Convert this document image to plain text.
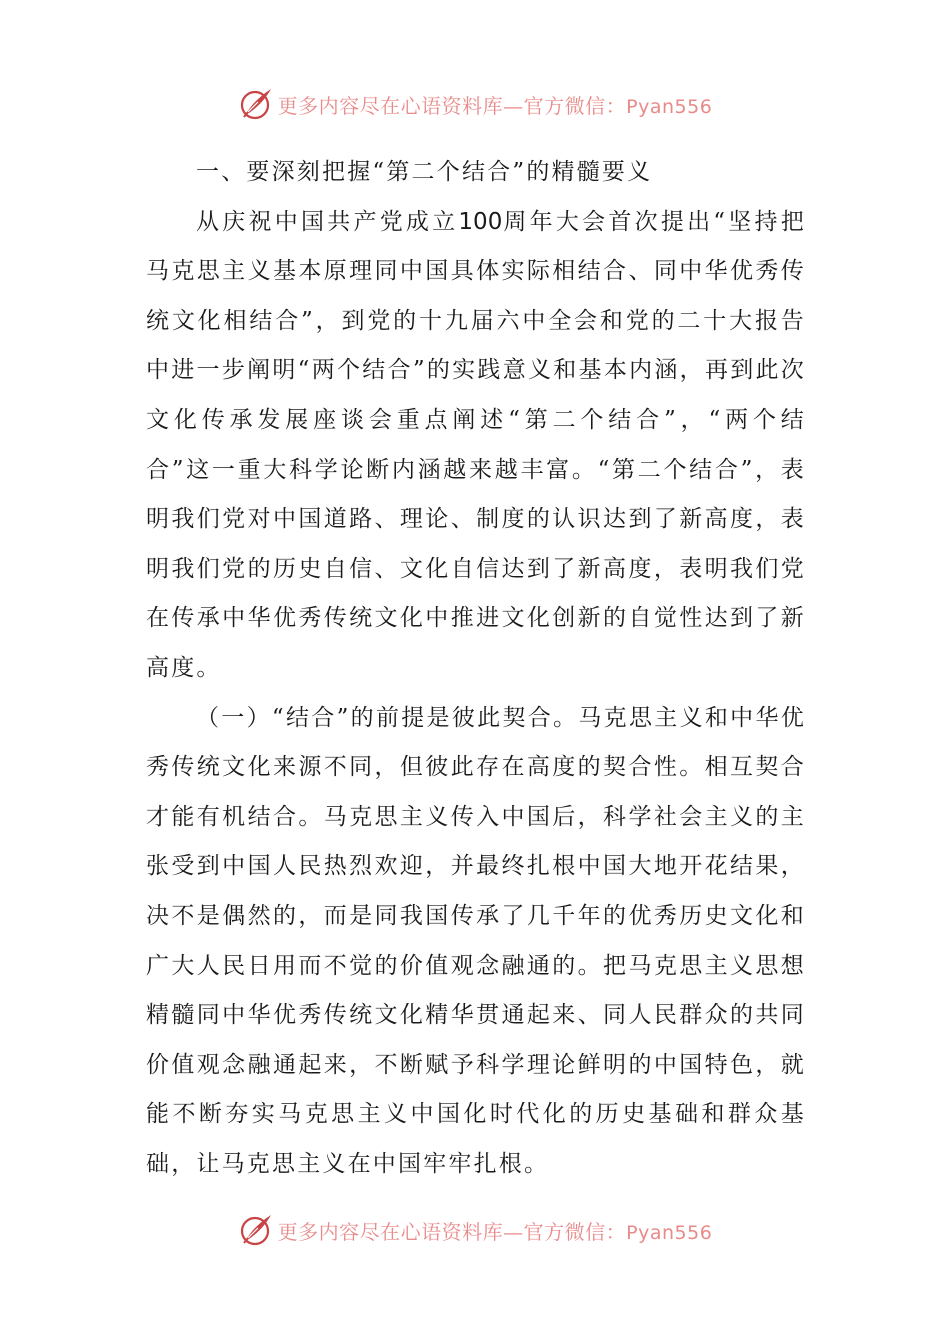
更多内容尽在心语资料库—官方微信：Pyan556

一、要深刻把握“第二个结合”的精髓要义

从庆祝中国共产党成立100周年大会首次提出“坚持把马克思主义基本原理同中国具体实际相结合、同中华优秀传统文化相结合”，到党的十九届六中全会和党的二十大报告中进一步阐明“两个结合”的实践意义和基本内涵，再到此次文化传承发展座谈会重点阐述“第二个结合”，“两个结合”这一重大科学论断内涵越来越丰富。“第二个结合”，表明我们党对中国道路、理论、制度的认识达到了新高度，表明我们党的历史自信、文化自信达到了新高度，表明我们党在传承中华优秀传统文化中推进文化创新的自觉性达到了新高度。

（一）“结合”的前提是彼此契合。马克思主义和中华优秀传统文化来源不同，但彼此存在高度的契合性。相互契合才能有机结合。马克思主义传入中国后，科学社会主义的主张受到中国人民热烈欢迎，并最终扎根中国大地开花结果，决不是偶然的，而是同我国传承了几千年的优秀历史文化和广大人民日用而不觉的价值观念融通的。把马克思主义思想精髓同中华优秀传统文化精华贯通起来、同人民群众的共同价值观念融通起来，不断赋予科学理论鲜明的中国特色，就能不断夯实马克思主义中国化时代化的历史基础和群众基础，让马克思主义在中国牢牢扎根。

更多内容尽在心语资料库—官方微信：Pyan556
